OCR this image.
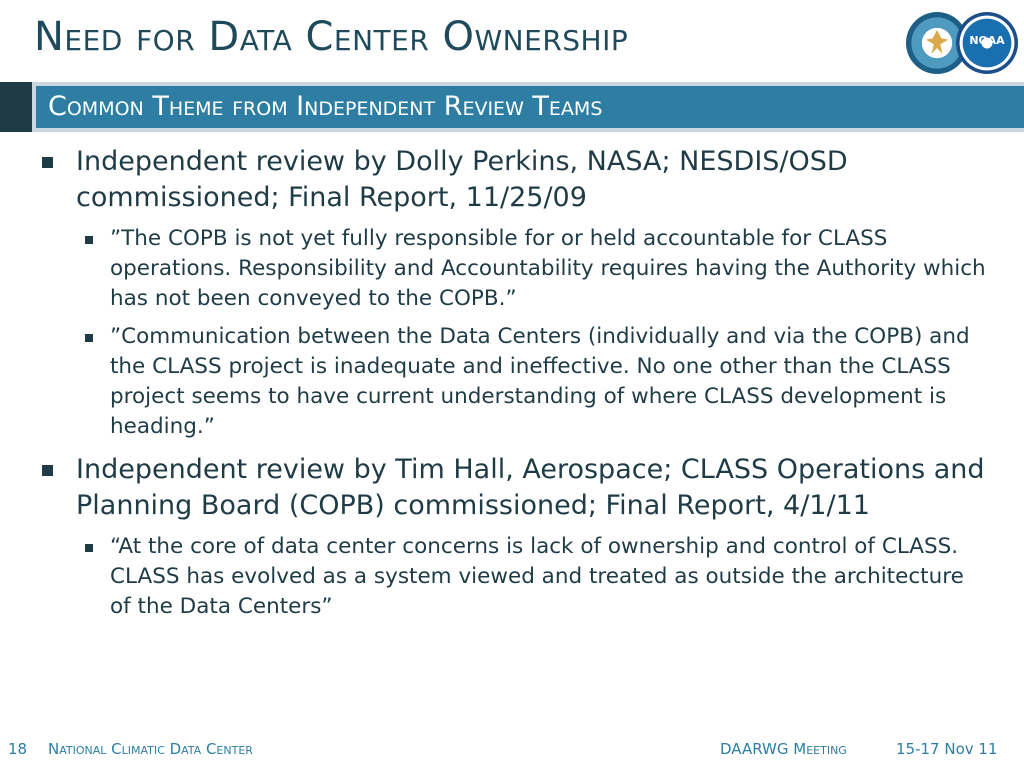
Need for Data Center Ownership	NOAA
Common Theme from Independent Review Teams
Independent review by Dolly Perkins, NASA; NESDIS/OSD commissioned; Final Report, 11/25/09
”The COPB is not yet fully responsible for or held accountable for CLASS operations. Responsibility and Accountability requires having the Authority which has not been conveyed to the COPB.”
”Communication between the Data Centers (individually and via the COPB) and the CLASS project is inadequate and ineffective. No one other than the CLASS project seems to have current understanding of where CLASS development is heading.”
Independent review by Tim Hall, Aerospace; CLASS Operations and Planning Board (COPB) commissioned; Final Report, 4/1/11
“At the core of data center concerns is lack of ownership and control of CLASS. CLASS has evolved as a system viewed and treated as outside the architecture of the Data Centers”
18 National Climatic Data Center	DAARWG Meeting	15-17 Nov 11
